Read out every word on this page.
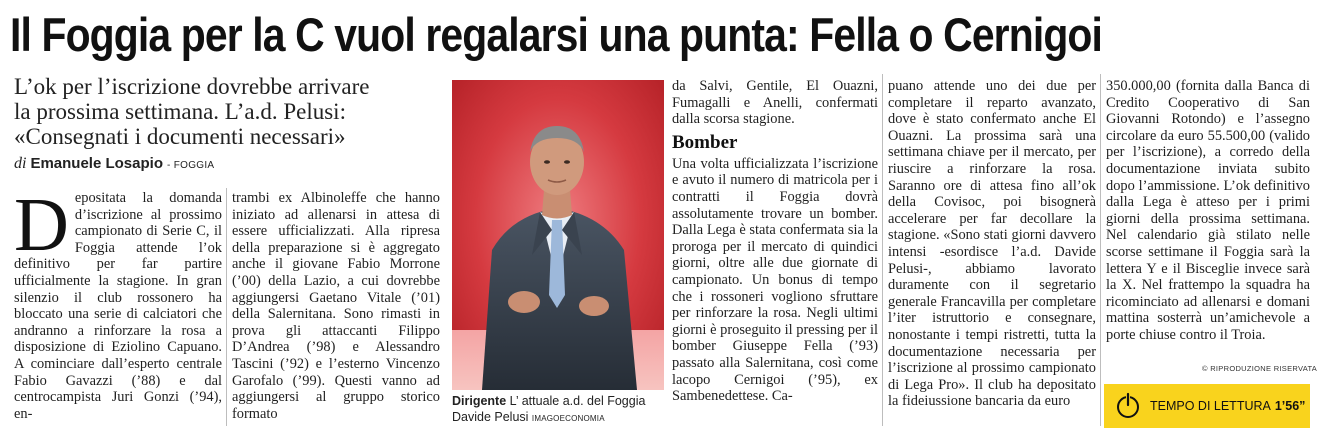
Il Foggia per la C vuol regalarsi una punta: Fella o Cernigoi
L’ok per l’iscrizione dovrebbe arrivare
la prossima settimana. L’a.d. Pelusi:
«Consegnati i documenti necessari»
di Emanuele Losapio - FOGGIA
D epositata la domanda d’iscrizione al prossimo campionato di Serie C, il Foggia attende l’ok definitivo per far partire ufficialmente la stagione. In gran silenzio il club rossonero ha bloccato una serie di calciatori che andranno a rinforzare la rosa a disposizione di Eziolino Capuano. A cominciare dall’esperto centrale Fabio Gavazzi (’88) e dal centrocampista Juri Gonzi (’94), en-

trambi ex Albinoleffe che hanno iniziato ad allenarsi in attesa di essere ufficializzati. Alla ripresa della preparazione si è aggregato anche il giovane Fabio Morrone (’00) della Lazio, a cui dovrebbe aggiungersi Gaetano Vitale (’01) della Salernitana. Sono rimasti in prova gli attaccanti Filippo D’Andrea (’98) e Alessandro Tascini (’92) e l’esterno Vincenzo Garofalo (’99). Questi vanno ad aggiungersi al gruppo storico formato

Dirigente L’ attuale a.d. del Foggia Davide Pelusi IMAGOECONOMIA

da Salvi, Gentile, El Ouazni, Fumagalli e Anelli, confermati dalla scorsa stagione.

Bomber

Una volta ufficializzata l’iscrizione e avuto il numero di matricola per i contratti il Foggia dovrà assolutamente trovare un bomber. Dalla Lega è stata confermata sia la proroga per il mercato di quindici giorni, oltre alle due giornate di campionato. Un bonus di tempo che i rossoneri vogliono sfruttare per rinforzare la rosa. Negli ultimi giorni è proseguito il pressing per il bomber Giuseppe Fella (’93) passato alla Salernitana, così come lacopo Cernigoi (’95), ex Sambenedettese. Ca-

puano attende uno dei due per completare il reparto avanzato, dove è stato confermato anche El Ouazni. La prossima sarà una settimana chiave per il mercato, per riuscire a rinforzare la rosa. Saranno ore di attesa fino all’ok della Covisoc, poi bisognerà accelerare per far decollare la stagione. «Sono stati giorni davvero intensi -esordisce l’a.d. Davide Pelusi-, abbiamo lavorato duramente con il segretario generale Francavilla per completare l’iter istruttorio e consegnare, nonostante i tempi ristretti, tutta la documentazione necessaria per l’iscrizione al prossimo campionato di Lega Pro». Il club ha depositato la fideiussione bancaria da euro

350.000,00 (fornita dalla Banca di Credito Cooperativo di San Giovanni Rotondo) e l’assegno circolare da euro 55.500,00 (valido per l’iscrizione), a corredo della documentazione inviata subito dopo l’ammissione. L’ok definitivo dalla Lega è atteso per i primi giorni della prossima settimana. Nel calendario già stilato nelle scorse settimane il Foggia sarà la lettera Y e il Bisceglie invece sarà la X. Nel frattempo la squadra ha ricominciato ad allenarsi e domani mattina sosterrà un’amichevole a porte chiuse contro il Troia.

© RIPRODUZIONE RISERVATA
TEMPO DI LETTURA 1’56”
